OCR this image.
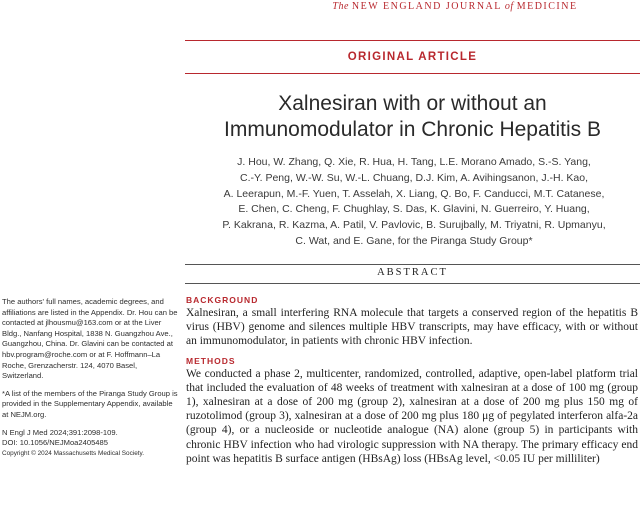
The NEW ENGLAND JOURNAL of MEDICINE
ORIGINAL ARTICLE
Xalnesiran with or without an
Immunomodulator in Chronic Hepatitis B
J. Hou, W. Zhang, Q. Xie, R. Hua, H. Tang, L.E. Morano Amado, S.-S. Yang,
C.-Y. Peng, W.-W. Su, W.-L. Chuang, D.J. Kim, A. Avihingsanon, J.-H. Kao,
A. Leerapun, M.-F. Yuen, T. Asselah, X. Liang, Q. Bo, F. Canducci, M.T. Catanese,
E. Chen, C. Cheng, F. Chughlay, S. Das, K. Glavini, N. Guerreiro, Y. Huang,
P. Kakrana, R. Kazma, A. Patil, V. Pavlovic, B. Surujbally, M. Triyatni, R. Upmanyu,
C. Wat, and E. Gane, for the Piranga Study Group*
ABSTRACT
BACKGROUND

Xalnesiran, a small interfering RNA molecule that targets a conserved region of the hepatitis B virus (HBV) genome and silences multiple HBV transcripts, may have efficacy, with or without an immunomodulator, in patients with chronic HBV infection.

METHODS

We conducted a phase 2, multicenter, randomized, controlled, adaptive, open-label platform trial that included the evaluation of 48 weeks of treatment with xalnesiran at a dose of 100 mg (group 1), xalnesiran at a dose of 200 mg (group 2), xalnesiran at a dose of 200 mg plus 150 mg of ruzotolimod (group 3), xalnesiran at a dose of 200 mg plus 180 μg of pegylated interferon alfa-2a (group 4), or a nucleoside or nucleotide analogue (NA) alone (group 5) in participants with chronic HBV infection who had virologic suppression with NA therapy. The primary efficacy end point was hepatitis B surface antigen (HBsAg) loss (HBsAg level, <0.05 IU per milliliter)

The authors' full names, academic degrees, and affiliations are listed in the Appendix. Dr. Hou can be contacted at jlhousmu@163.com or at the Liver Bldg., Nanfang Hospital, 1838 N. Guangzhou Ave., Guangzhou, China. Dr. Glavini can be contacted at hbv.program@roche.com or at F. Hoffmann–La Roche, Grenzacherstr. 124, 4070 Basel, Switzerland.

*A list of the members of the Piranga Study Group is provided in the Supplementary Appendix, available at NEJM.org.

N Engl J Med 2024;391:2098-109.

DOI: 10.1056/NEJMoa2405485

Copyright © 2024 Massachusetts Medical Society.
